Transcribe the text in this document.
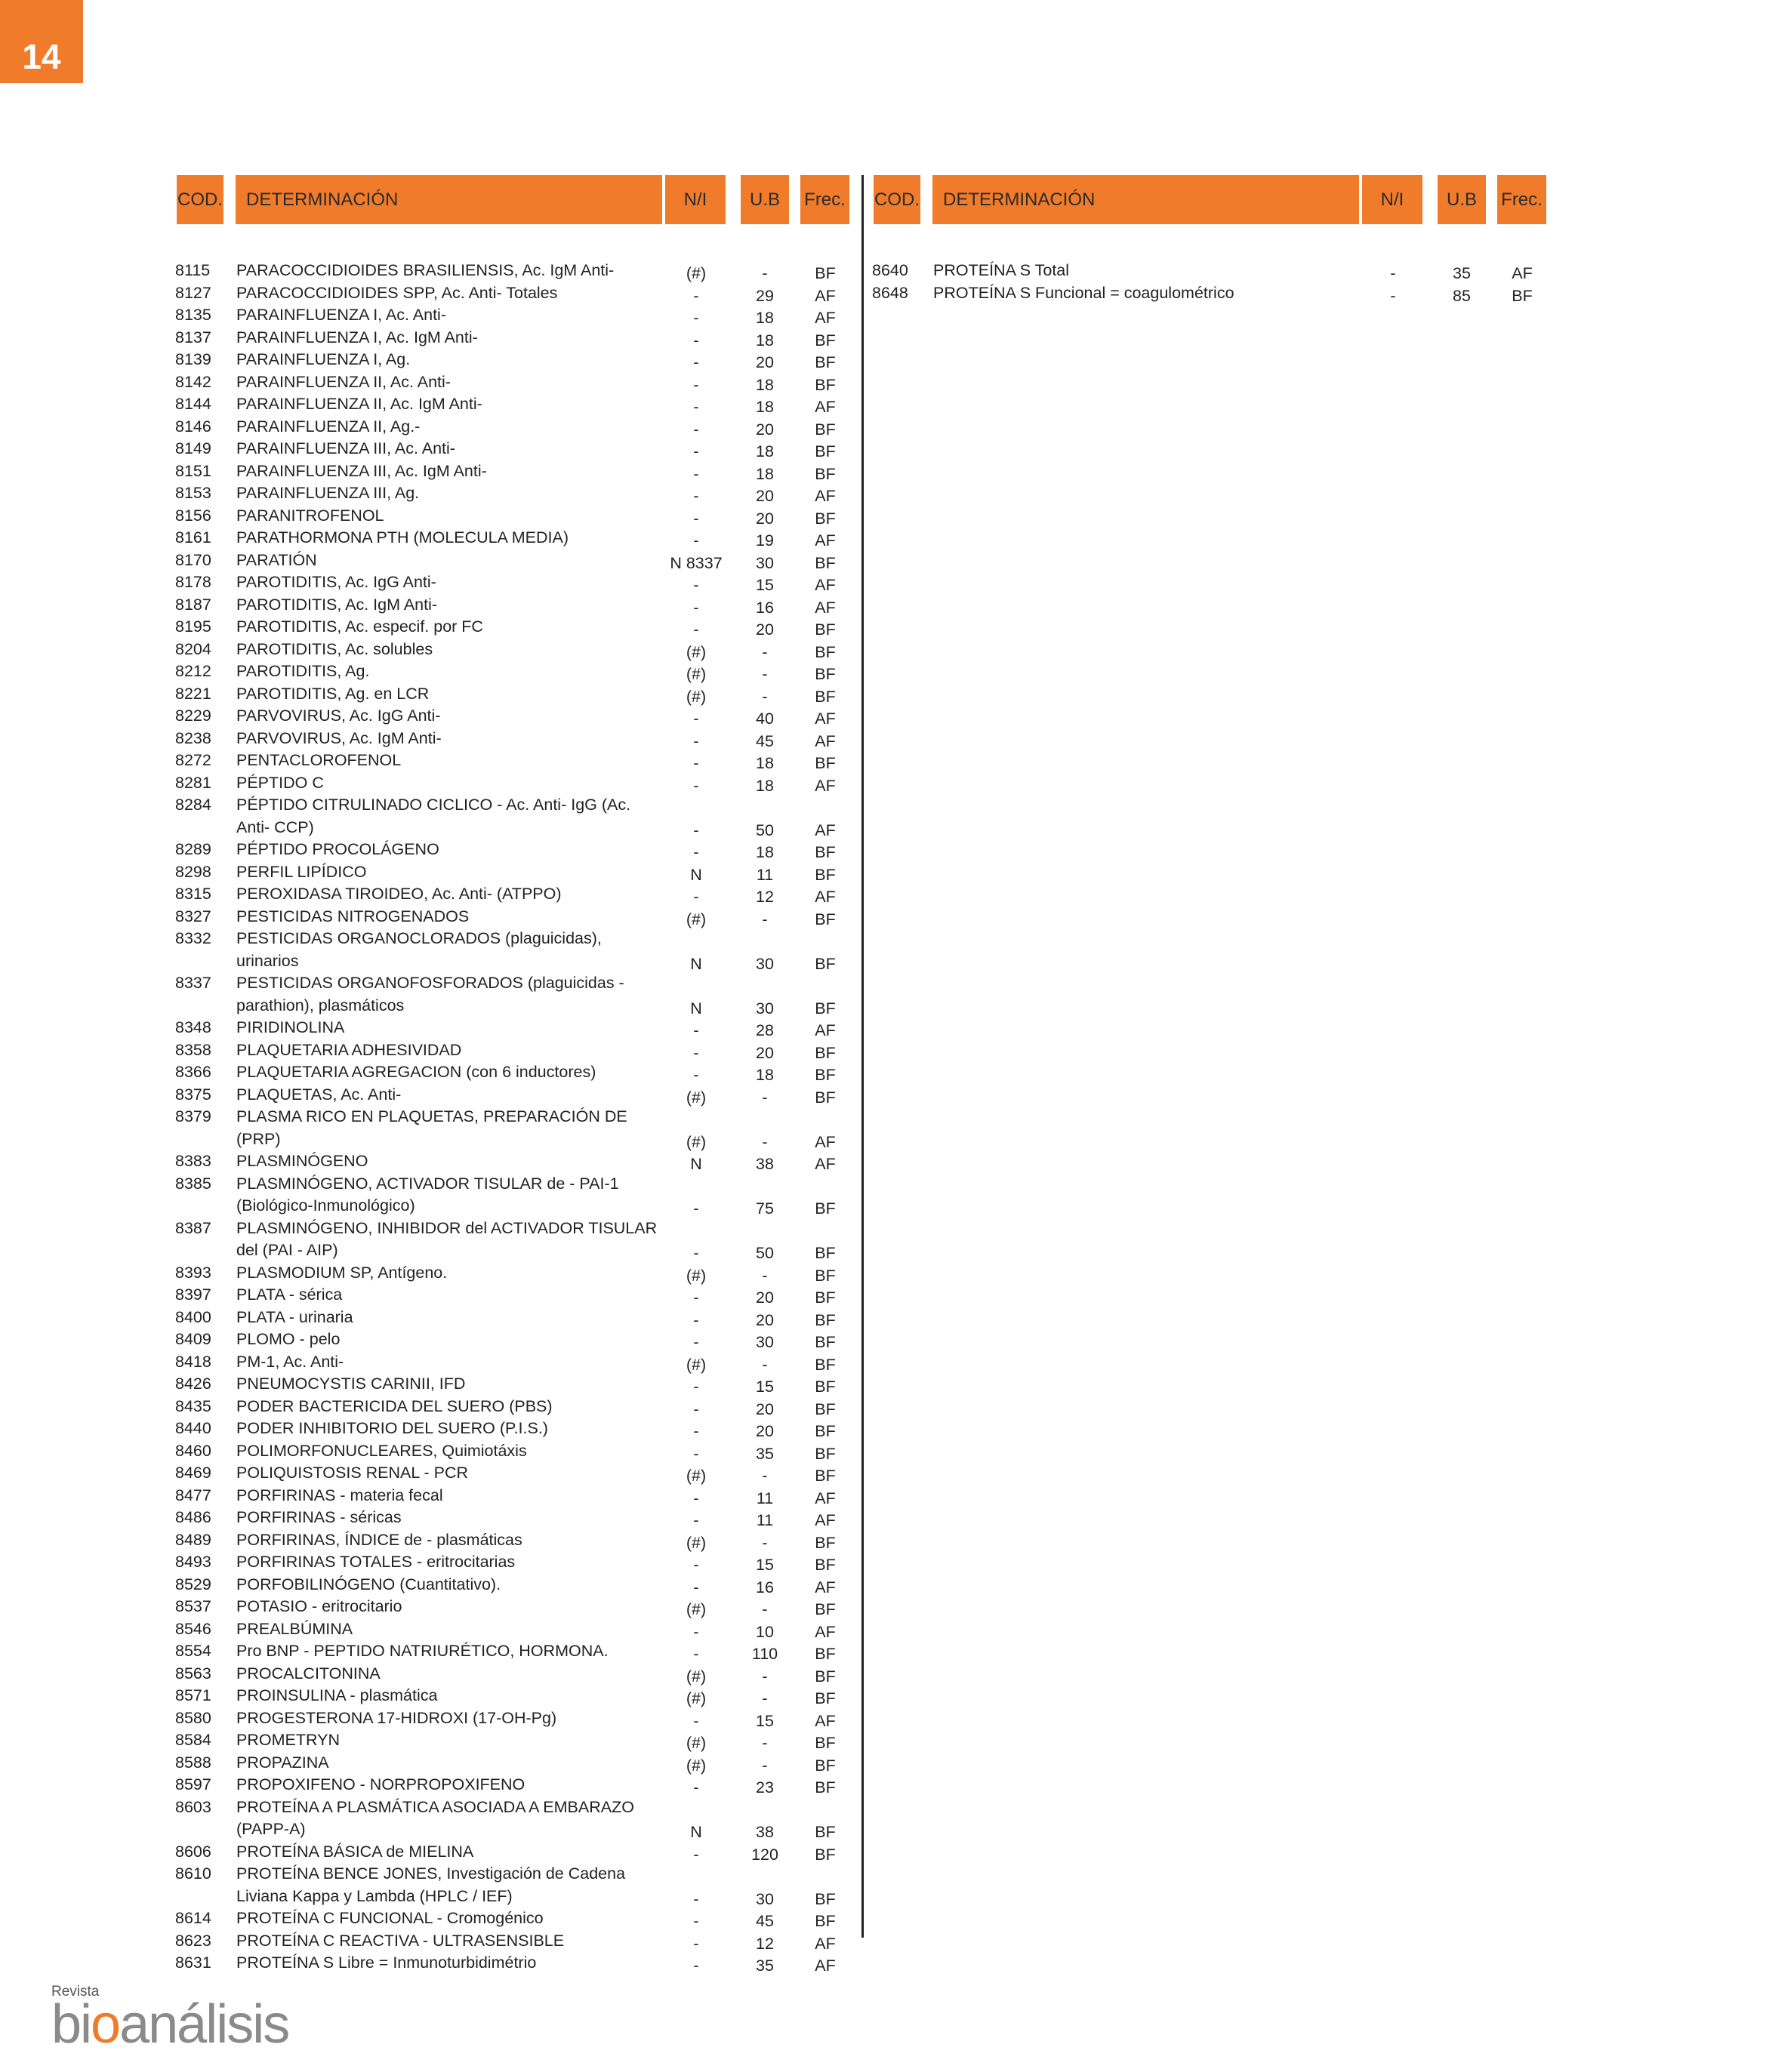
14
COD.	DETERMINACIÓN	N/I	U.B	Frec.
8115	PARACOCCIDIOIDES BRASILIENSIS, Ac. IgM Anti-	(#)	-	BF
8127	PARACOCCIDIOIDES SPP, Ac. Anti- Totales	-	29	AF
8135	PARAINFLUENZA I, Ac. Anti-	-	18	AF
8137	PARAINFLUENZA I, Ac. IgM Anti-	-	18	BF
8139	PARAINFLUENZA I, Ag.	-	20	BF
8142	PARAINFLUENZA II, Ac. Anti-	-	18	BF
8144	PARAINFLUENZA II, Ac. IgM Anti-	-	18	AF
8146	PARAINFLUENZA II, Ag.-	-	20	BF
8149	PARAINFLUENZA III, Ac. Anti-	-	18	BF
8151	PARAINFLUENZA III, Ac. IgM Anti-	-	18	BF
8153	PARAINFLUENZA III, Ag.	-	20	AF
8156	PARANITROFENOL	-	20	BF
8161	PARATHORMONA PTH (MOLECULA MEDIA)	-	19	AF
8170	PARATIÓN	N 8337	30	BF
8178	PAROTIDITIS, Ac. IgG Anti-	-	15	AF
8187	PAROTIDITIS, Ac. IgM Anti-	-	16	AF
8195	PAROTIDITIS, Ac. especif. por FC	-	20	BF
8204	PAROTIDITIS, Ac. solubles	(#)	-	BF
8212	PAROTIDITIS, Ag.	(#)	-	BF
8221	PAROTIDITIS, Ag. en LCR	(#)	-	BF
8229	PARVOVIRUS, Ac. IgG Anti-	-	40	AF
8238	PARVOVIRUS, Ac. IgM Anti-	-	45	AF
8272	PENTACLOROFENOL	-	18	BF
8281	PÉPTIDO C	-	18	AF
8284	PÉPTIDO CITRULINADO CICLICO - Ac. Anti- IgG (Ac.
Anti- CCP)	-	50	AF
8289	PÉPTIDO PROCOLÁGENO	-	18	BF
8298	PERFIL LIPÍDICO	N	11	BF
8315	PEROXIDASA TIROIDEO, Ac. Anti- (ATPPO)	-	12	AF
8327	PESTICIDAS NITROGENADOS	(#)	-	BF
8332	PESTICIDAS ORGANOCLORADOS (plaguicidas), urinarios	N	30	BF
8337	PESTICIDAS ORGANOFOSFORADOS (plaguicidas -
parathion), plasmáticos	N	30	BF
8348	PIRIDINOLINA	-	28	AF
8358	PLAQUETARIA ADHESIVIDAD	-	20	BF
8366	PLAQUETARIA AGREGACION (con 6 inductores)	-	18	BF
8375	PLAQUETAS, Ac. Anti-	(#)	-	BF
8379	PLASMA RICO EN PLAQUETAS, PREPARACIÓN DE (PRP)	(#)	-	AF
8383	PLASMINÓGENO	N	38	AF
8385	PLASMINÓGENO, ACTIVADOR TISULAR de - PAI-1
(Biológico-Inmunológico)	-	75	BF
8387	PLASMINÓGENO, INHIBIDOR del ACTIVADOR TISULAR
del (PAI - AIP)	-	50	BF
8393	PLASMODIUM SP, Antígeno.	(#)	-	BF
8397	PLATA - sérica	-	20	BF
8400	PLATA - urinaria	-	20	BF
8409	PLOMO - pelo	-	30	BF
8418	PM-1, Ac. Anti-	(#)	-	BF
8426	PNEUMOCYSTIS CARINII, IFD	-	15	BF
8435	PODER BACTERICIDA DEL SUERO (PBS)	-	20	BF
8440	PODER INHIBITORIO DEL SUERO (P.I.S.)	-	20	BF
8460	POLIMORFONUCLEARES, Quimiotáxis	-	35	BF
8469	POLIQUISTOSIS RENAL - PCR	(#)	-	BF
8477	PORFIRINAS - materia fecal	-	11	AF
8486	PORFIRINAS - séricas	-	11	AF
8489	PORFIRINAS, ÍNDICE de - plasmáticas	(#)	-	BF
8493	PORFIRINAS TOTALES - eritrocitarias	-	15	BF
8529	PORFOBILINÓGENO (Cuantitativo).	-	16	AF
8537	POTASIO - eritrocitario	(#)	-	BF
8546	PREALBÚMINA	-	10	AF
8554	Pro BNP - PEPTIDO NATRIURÉTICO, HORMONA.	-	110	BF
8563	PROCALCITONINA	(#)	-	BF
8571	PROINSULINA - plasmática	(#)	-	BF
8580	PROGESTERONA 17-HIDROXI (17-OH-Pg)	-	15	AF
8584	PROMETRYN	(#)	-	BF
8588	PROPAZINA	(#)	-	BF
8597	PROPOXIFENO - NORPROPOXIFENO	-	23	BF
8603	PROTEÍNA A PLASMÁTICA ASOCIADA A EMBARAZO
(PAPP-A)	N	38	BF
8606	PROTEÍNA BÁSICA de MIELINA	-	120	BF
8610	PROTEÍNA BENCE JONES, Investigación de Cadena
Liviana Kappa y Lambda (HPLC / IEF)	-	30	BF
8614	PROTEÍNA C FUNCIONAL - Cromogénico	-	45	BF
8623	PROTEÍNA C REACTIVA - ULTRASENSIBLE	-	12	AF
8631	PROTEÍNA S Libre = Inmunoturbidimétrio	-	35	AF
COD.	DETERMINACIÓN	N/I	U.B	Frec.
8640	PROTEÍNA S Total	-	35	AF
8648	PROTEÍNA S Funcional = coagulométrico	-	85	BF
Revista
bioanálisis
